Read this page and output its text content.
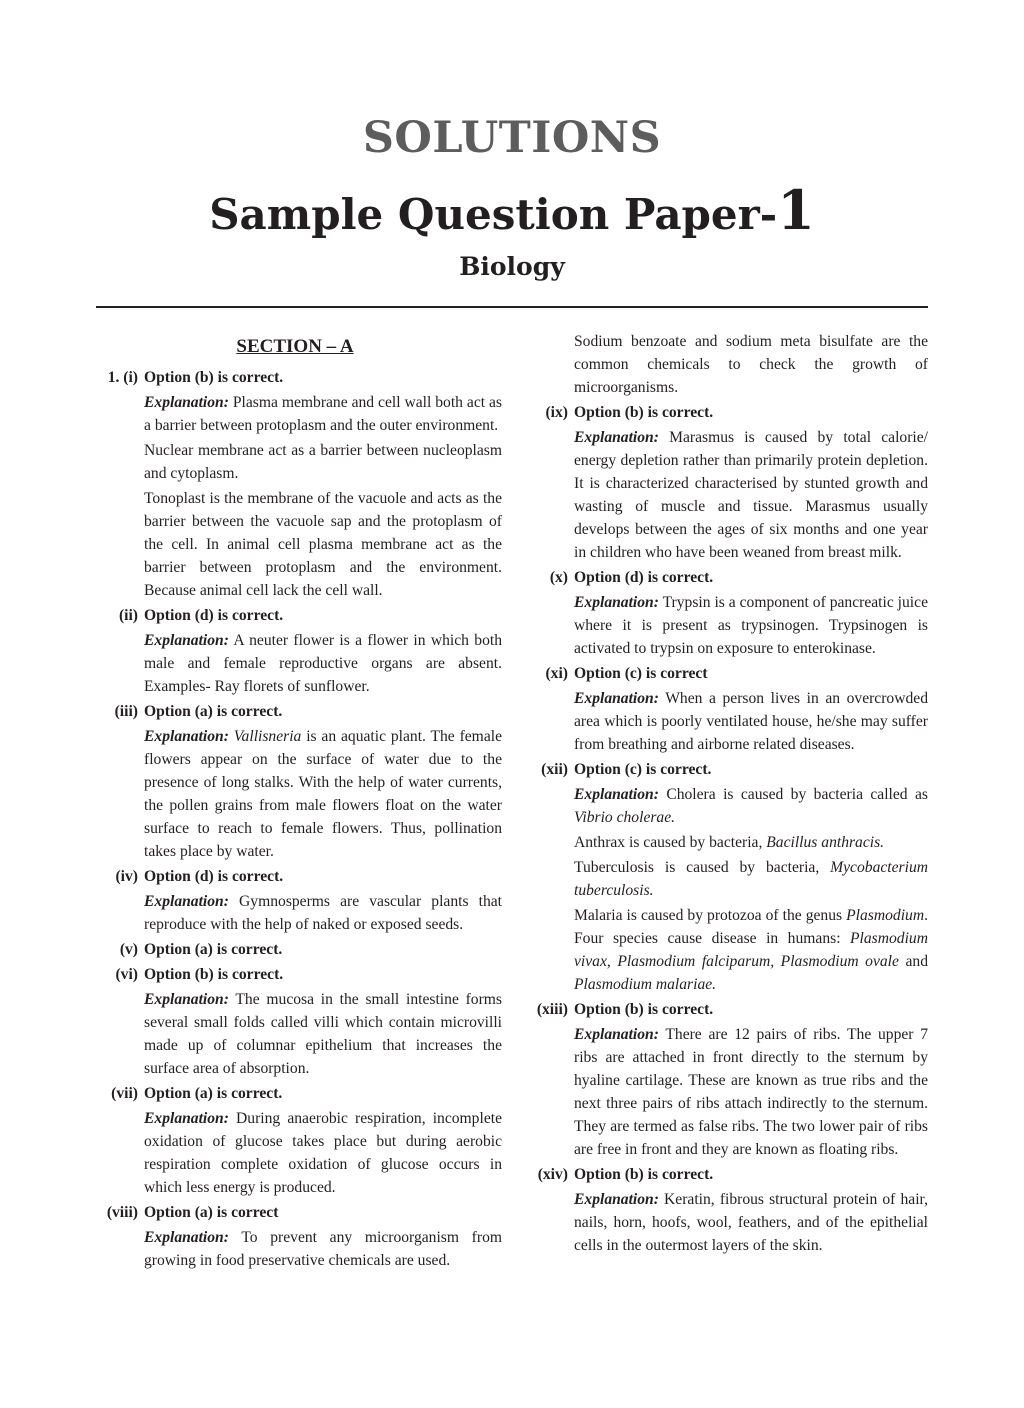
SOLUTIONS
Sample Question Paper-1
Biology
SECTION – A
1. (i) Option (b) is correct.
Explanation: Plasma membrane and cell wall both act as a barrier between protoplasm and the outer environment.
Nuclear membrane act as a barrier between nucleoplasm and cytoplasm.
Tonoplast is the membrane of the vacuole and acts as the barrier between the vacuole sap and the protoplasm of the cell. In animal cell plasma membrane act as the barrier between protoplasm and the environment. Because animal cell lack the cell wall.
(ii) Option (d) is correct.
Explanation: A neuter flower is a flower in which both male and female reproductive organs are absent. Examples- Ray florets of sunflower.
(iii) Option (a) is correct.
Explanation: Vallisneria is an aquatic plant. The female flowers appear on the surface of water due to the presence of long stalks. With the help of water currents, the pollen grains from male flowers float on the water surface to reach to female flowers. Thus, pollination takes place by water.
(iv) Option (d) is correct.
Explanation: Gymnosperms are vascular plants that reproduce with the help of naked or exposed seeds.
(v) Option (a) is correct.
(vi) Option (b) is correct.
Explanation: The mucosa in the small intestine forms several small folds called villi which contain microvilli made up of columnar epithelium that increases the surface area of absorption.
(vii) Option (a) is correct.
Explanation: During anaerobic respiration, incomplete oxidation of glucose takes place but during aerobic respiration complete oxidation of glucose occurs in which less energy is produced.
(viii) Option (a) is correct
Explanation: To prevent any microorganism from growing in food preservative chemicals are used.
Sodium benzoate and sodium meta bisulfate are the common chemicals to check the growth of microorganisms.
(ix) Option (b) is correct.
Explanation: Marasmus is caused by total calorie/ energy depletion rather than primarily protein depletion. It is characterized characterised by stunted growth and wasting of muscle and tissue. Marasmus usually develops between the ages of six months and one year in children who have been weaned from breast milk.
(x) Option (d) is correct.
Explanation: Trypsin is a component of pancreatic juice where it is present as trypsinogen. Trypsinogen is activated to trypsin on exposure to enterokinase.
(xi) Option (c) is correct
Explanation: When a person lives in an overcrowded area which is poorly ventilated house, he/she may suffer from breathing and airborne related diseases.
(xii) Option (c) is correct.
Explanation: Cholera is caused by bacteria called as Vibrio cholerae.
Anthrax is caused by bacteria, Bacillus anthracis.
Tuberculosis is caused by bacteria, Mycobacterium tuberculosis.
Malaria is caused by protozoa of the genus Plasmodium. Four species cause disease in humans: Plasmodium vivax, Plasmodium falciparum, Plasmodium ovale and Plasmodium malariae.
(xiii) Option (b) is correct.
Explanation: There are 12 pairs of ribs. The upper 7 ribs are attached in front directly to the sternum by hyaline cartilage. These are known as true ribs and the next three pairs of ribs attach indirectly to the sternum. They are termed as false ribs. The two lower pair of ribs are free in front and they are known as floating ribs.
(xiv) Option (b) is correct.
Explanation: Keratin, fibrous structural protein of hair, nails, horn, hoofs, wool, feathers, and of the epithelial cells in the outermost layers of the skin.
